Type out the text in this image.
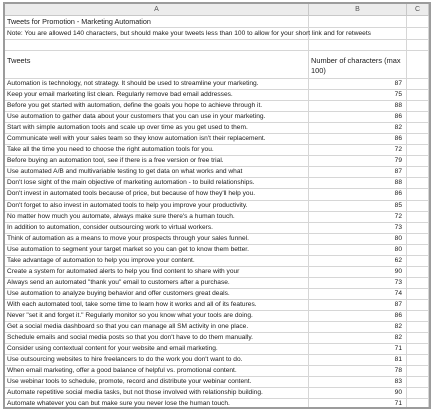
A	B	C
Tweets for Promotion - Marketing Automation
Note: You are allowed 140 characters, but should make your tweets less than 100 to allow for your short link and for retweets
Tweets	Number of characters (max 100)
Automation is technology, not strategy. It should be used to streamline your marketing.	87
Keep your email marketing list clean. Regularly remove bad email addresses.	75
Before you get started with automation, define the goals you hope to achieve through it.	88
Use automation to gather data about your customers that you can use in your marketing.	86
Start with simple automation tools and scale up over time as you get used to them.	82
Communicate well with your sales team so they know automation isn't their replacement.	86
Take all the time you need to choose the right automation tools for you.	72
Before buying an automation tool, see if there is a free version or free trial.	79
Use automated A/B and multivariable testing to get data on what works and what	87
Don't lose sight of the main objective of marketing automation - to build relationships.	88
Don't invest in automated tools because of price, but because of how they'll help you.	86
Don't forget to also invest in automated tools to help you improve your productivity.	85
No matter how much you automate, always make sure there's a human touch.	72
In addition to automation, consider outsourcing work to virtual workers.	73
Think of automation as a means to move your prospects through your sales funnel.	80
Use automation to segment your target market so you can get to know them better.	80
Take advantage of automation to help you improve your content.	62
Create a system for automated alerts to help you find content to share with your	90
Always send an automated "thank you" email to customers after a purchase.	73
Use automation to analyze buying behavior and offer customers great deals.	74
With each automated tool, take some time to learn how it works and all of its features.	87
Never "set it and forget it." Regularly monitor so you know what your tools are doing.	86
Get a social media dashboard so that you can manage all SM activity in one place.	82
Schedule emails and social media posts so that you don't have to do them manually.	82
Consider using contextual content for your website and email marketing.	71
Use outsourcing websites to hire freelancers to do the work you don't want to do.	81
When email marketing, offer a good balance of helpful vs. promotional content.	78
Use webinar tools to schedule, promote, record and distribute your webinar content.	83
Automate repetitive social media tasks, but not those involved with relationship building.	90
Automate whatever you can but make sure you never lose the human touch.	71
